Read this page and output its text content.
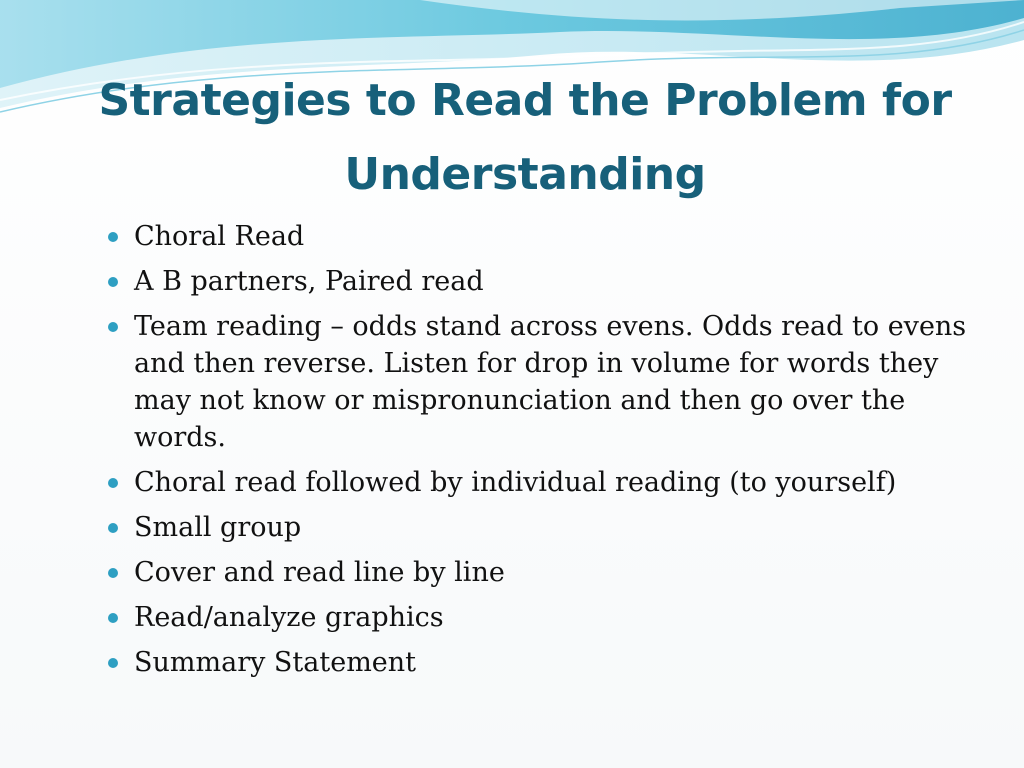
Strategies to Read the Problem for
Understanding
Choral Read
A B partners, Paired read
Team reading – odds stand across evens. Odds read to evens and then reverse. Listen for drop in volume for words they may not know or mispronunciation and then go over the words.
Choral read followed by individual reading (to yourself)
Small group
Cover and read line by line
Read/analyze graphics
Summary Statement
